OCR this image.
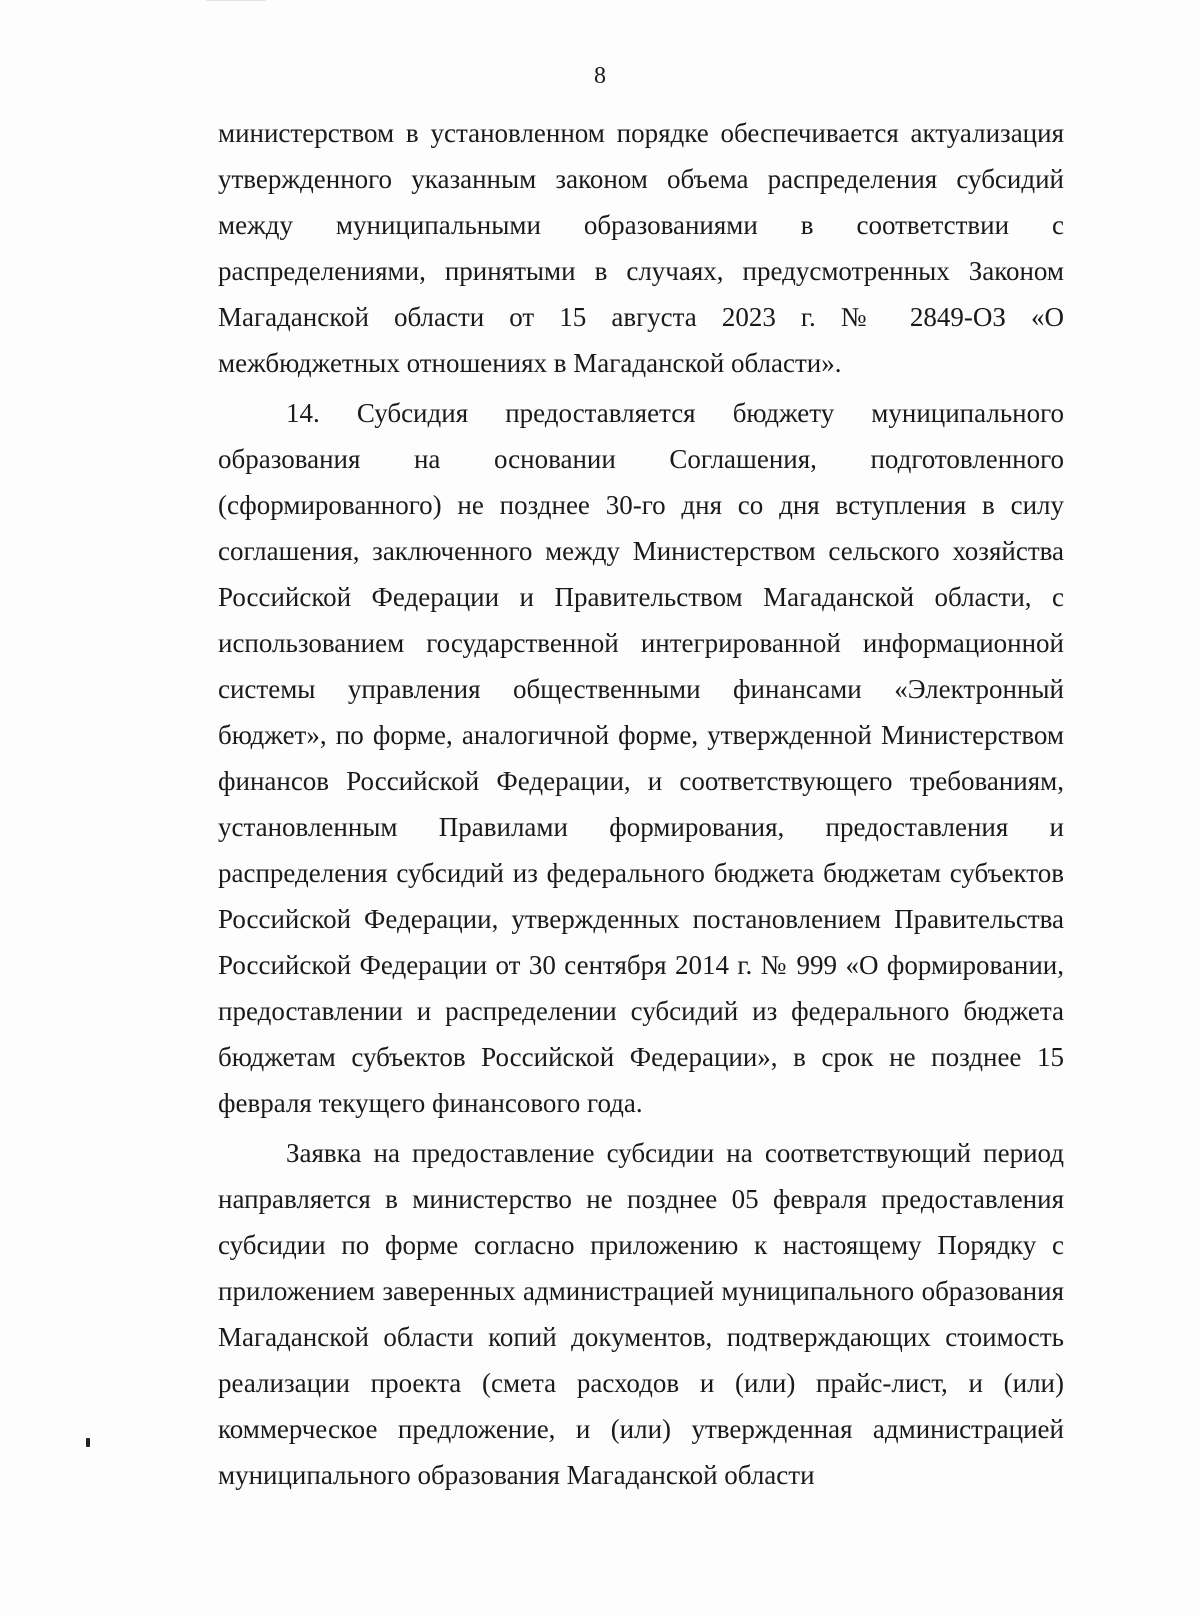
8

министерством в установленном порядке обеспечивается актуализация утвержденного указанным законом объема распределения субсидий между муниципальными образованиями в соответствии с распределениями, принятыми в случаях, предусмотренных Законом Магаданской области от 15 августа 2023 г. № 2849-ОЗ «О межбюджетных отношениях в Магаданской области».

14. Субсидия предоставляется бюджету муниципального образования на основании Соглашения, подготовленного (сформированного) не позднее 30-го дня со дня вступления в силу соглашения, заключенного между Министерством сельского хозяйства Российской Федерации и Правительством Магаданской области, с использованием государственной интегрированной информационной системы управления общественными финансами «Электронный бюджет», по форме, аналогичной форме, утвержденной Министерством финансов Российской Федерации, и соответствующего требованиям, установленным Правилами формирования, предоставления и распределения субсидий из федерального бюджета бюджетам субъектов Российской Федерации, утвержденных постановлением Правительства Российской Федерации от 30 сентября 2014 г. № 999 «О формировании, предоставлении и распределении субсидий из федерального бюджета бюджетам субъектов Российской Федерации», в срок не позднее 15 февраля текущего финансового года.

Заявка на предоставление субсидии на соответствующий период направляется в министерство не позднее 05 февраля предоставления субсидии по форме согласно приложению к настоящему Порядку с приложением заверенных администрацией муниципального образования Магаданской области копий документов, подтверждающих стоимость реализации проекта (смета расходов и (или) прайс-лист, и (или) коммерческое предложение, и (или) утвержденная администрацией муниципального образования Магаданской области
